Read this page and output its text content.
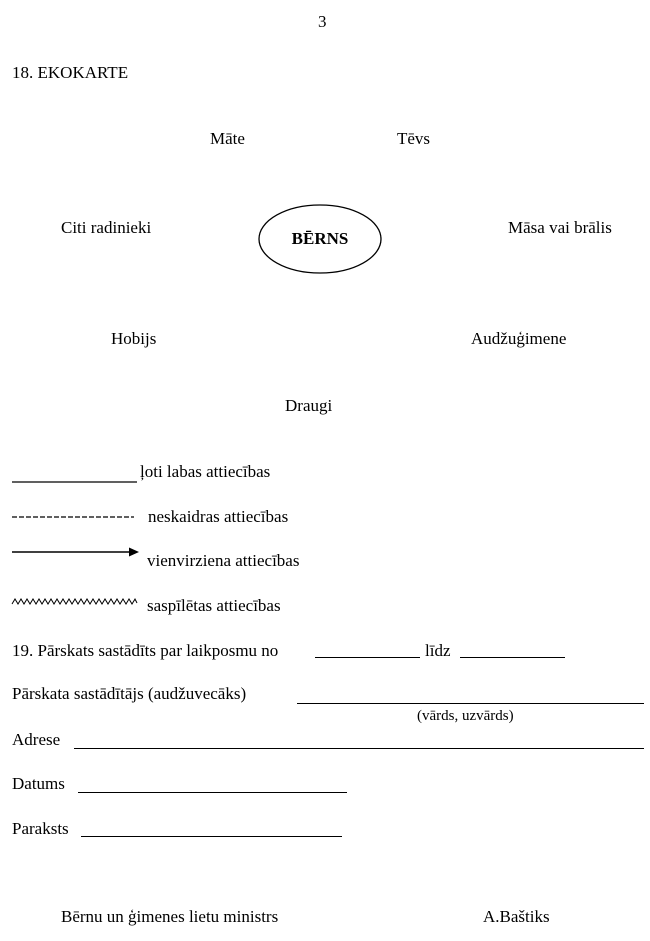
3
18. EKOKARTE
Māte	Tēvs
Citi radinieki	Māsa vai brālis
BĒRNS
Hobijs	Audžuģimene
Draugi
ļoti labas attiecības
neskaidras attiecības
vienvirziena attiecības
saspīlētas attiecības
19. Pārskats sastādīts par laikposmu no	līdz
Pārskata sastādītājs (audžuvecāks)
(vārds, uzvārds)
Adrese
Datums
Paraksts
Bērnu un ģimenes lietu ministrs	A.Baštiks
